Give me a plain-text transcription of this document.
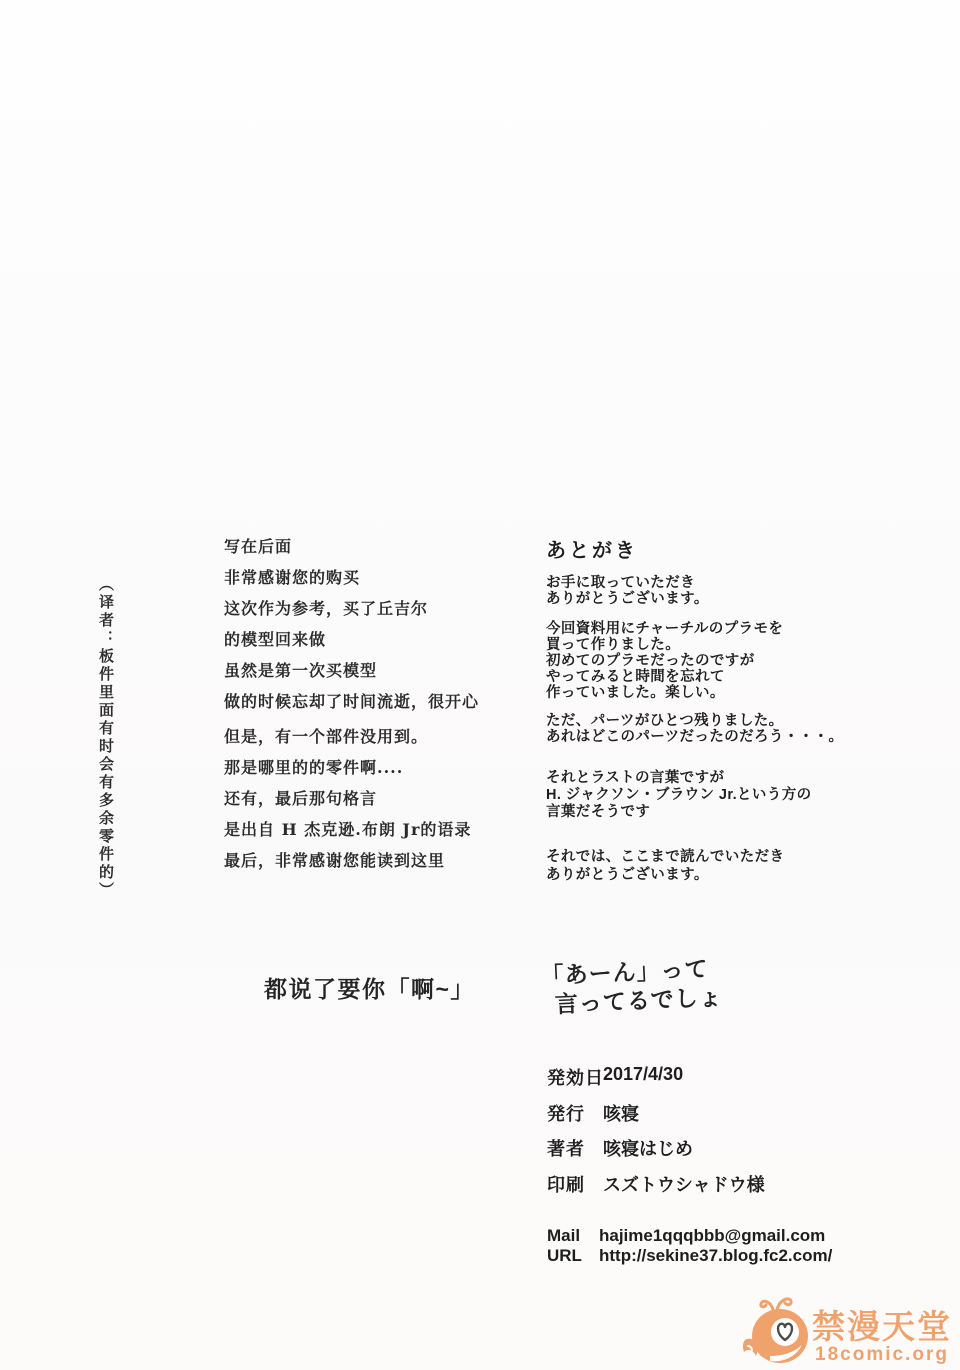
（译者：板件里面有时会有多余零件的）
写在后面
非常感谢您的购买
这次作为参考，买了丘吉尔
的模型回来做
虽然是第一次买模型
做的时候忘却了时间流逝，很开心
但是，有一个部件没用到。
那是哪里的的零件啊....
还有，最后那句格言
是出自 H 杰克逊.布朗 Jr的语录
最后，非常感谢您能读到这里
あとがき
お手に取っていただき
ありがとうございます。
今回資料用にチャーチルのプラモを
買って作りました。
初めてのプラモだったのですが
やってみると時間を忘れて
作っていました。楽しい。
ただ、パーツがひとつ残りました。
あれはどこのパーツだったのだろう・・・。
それとラストの言葉ですが
H. ジャクソン・ブラウン Jr.という方の
言葉だそうです
それでは、ここまで読んでいただき
ありがとうございます。
都说了要你「啊~」
「あーん」って
言ってるでしょ
発効日 2017/4/30
発行	咳寝
著者	咳寝はじめ
印刷	スズトウシャドウ様
Mail	hajime1qqqbbb@gmail.com
URL	http://sekine37.blog.fc2.com/
禁漫天堂
18comic.org
